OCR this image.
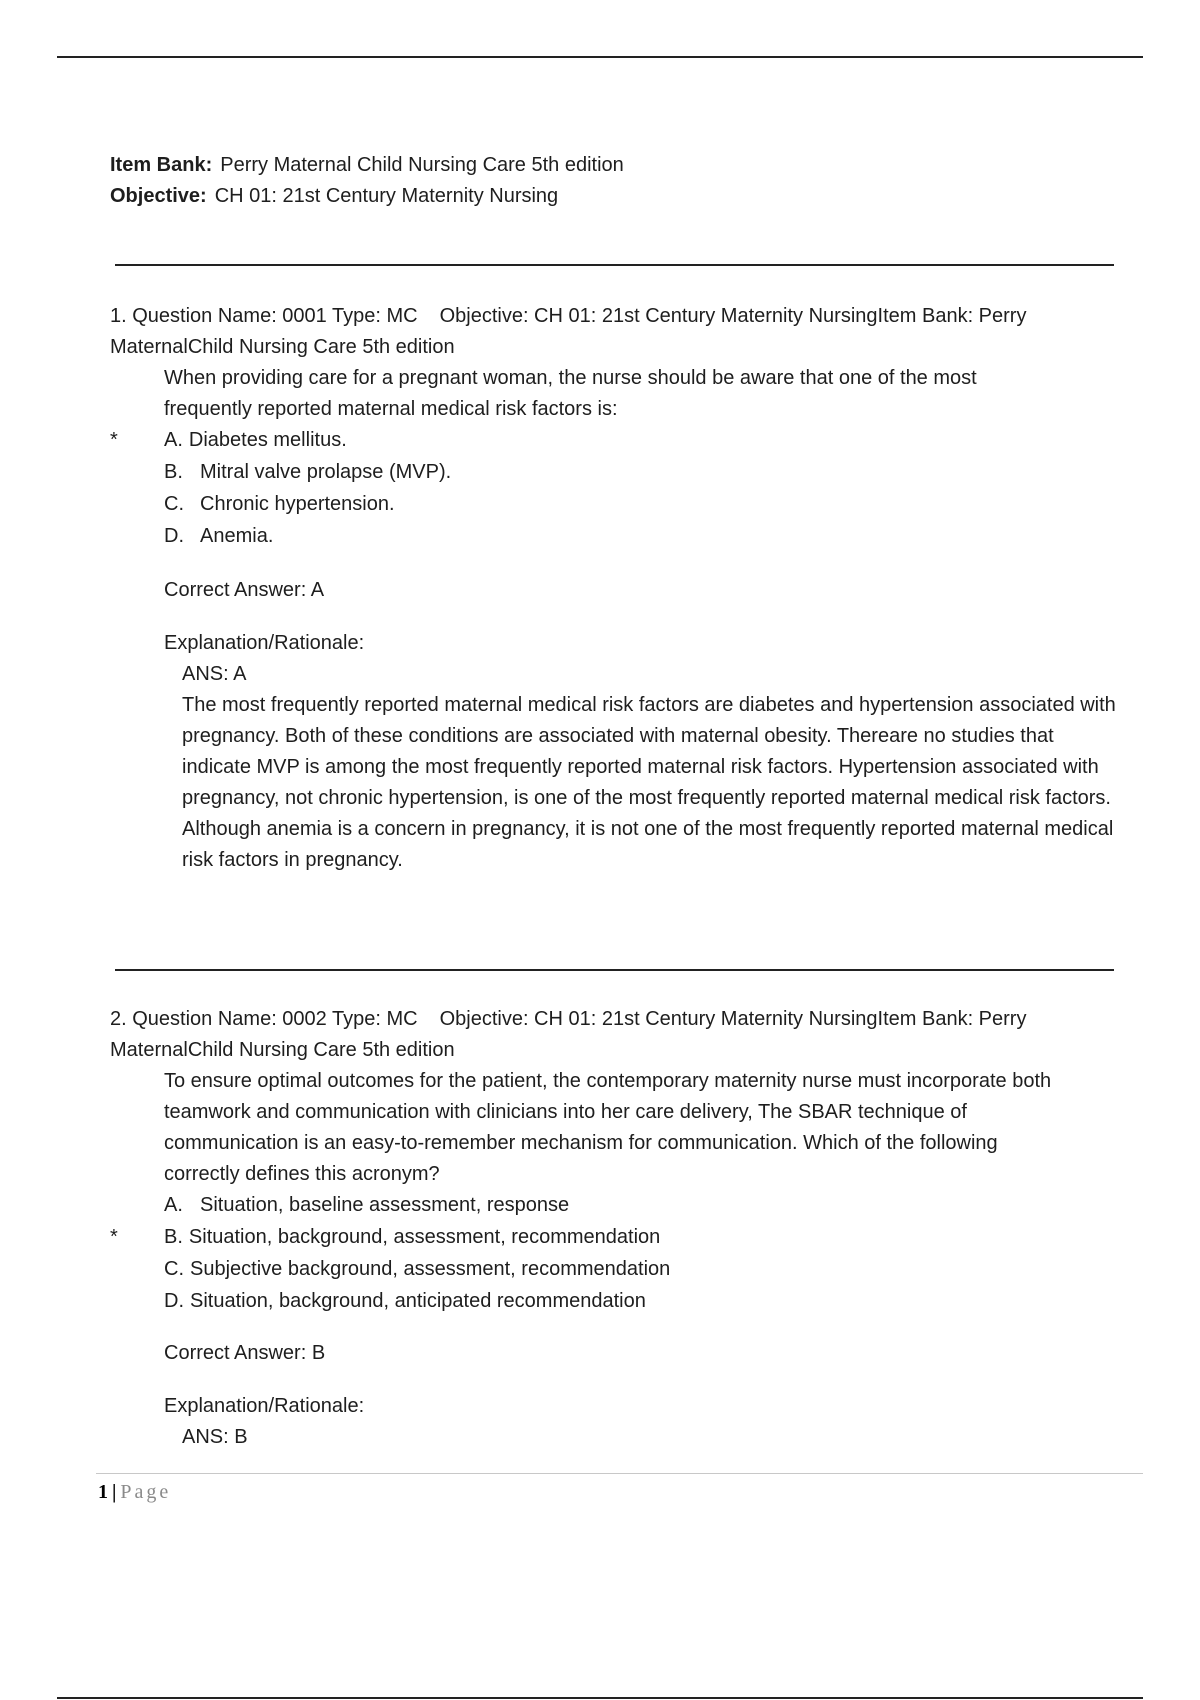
Item Bank: Perry Maternal Child Nursing Care 5th edition
Objective: CH 01: 21st Century Maternity Nursing
1. Question Name: 0001 Type: MC Objective: CH 01: 21st Century Maternity NursingItem Bank: Perry
MaternalChild Nursing Care 5th edition
When providing care for a pregnant woman, the nurse should be aware that one of the most frequently reported maternal medical risk factors is:
*	A. Diabetes mellitus.
B. Mitral valve prolapse (MVP).
C. Chronic hypertension.
D. Anemia.
Correct Answer: A
Explanation/Rationale:
ANS: A
The most frequently reported maternal medical risk factors are diabetes and hypertension associated with pregnancy. Both of these conditions are associated with maternal obesity. Thereare no studies that indicate MVP is among the most frequently reported maternal risk factors. Hypertension associated with pregnancy, not chronic hypertension, is one of the most frequently reported maternal medical risk factors. Although anemia is a concern in pregnancy, it is not one of the most frequently reported maternal medical risk factors in pregnancy.
2. Question Name: 0002 Type: MC Objective: CH 01: 21st Century Maternity NursingItem Bank: Perry
MaternalChild Nursing Care 5th edition
To ensure optimal outcomes for the patient, the contemporary maternity nurse must incorporate both teamwork and communication with clinicians into her care delivery, The SBAR technique of communication is an easy-to-remember mechanism for communication. Which of the following correctly defines this acronym?
A. Situation, baseline assessment, response
*	B. Situation, background, assessment, recommendation
C. Subjective background, assessment, recommendation
D. Situation, background, anticipated recommendation
Correct Answer: B
Explanation/Rationale:
ANS: B
1 | Page
